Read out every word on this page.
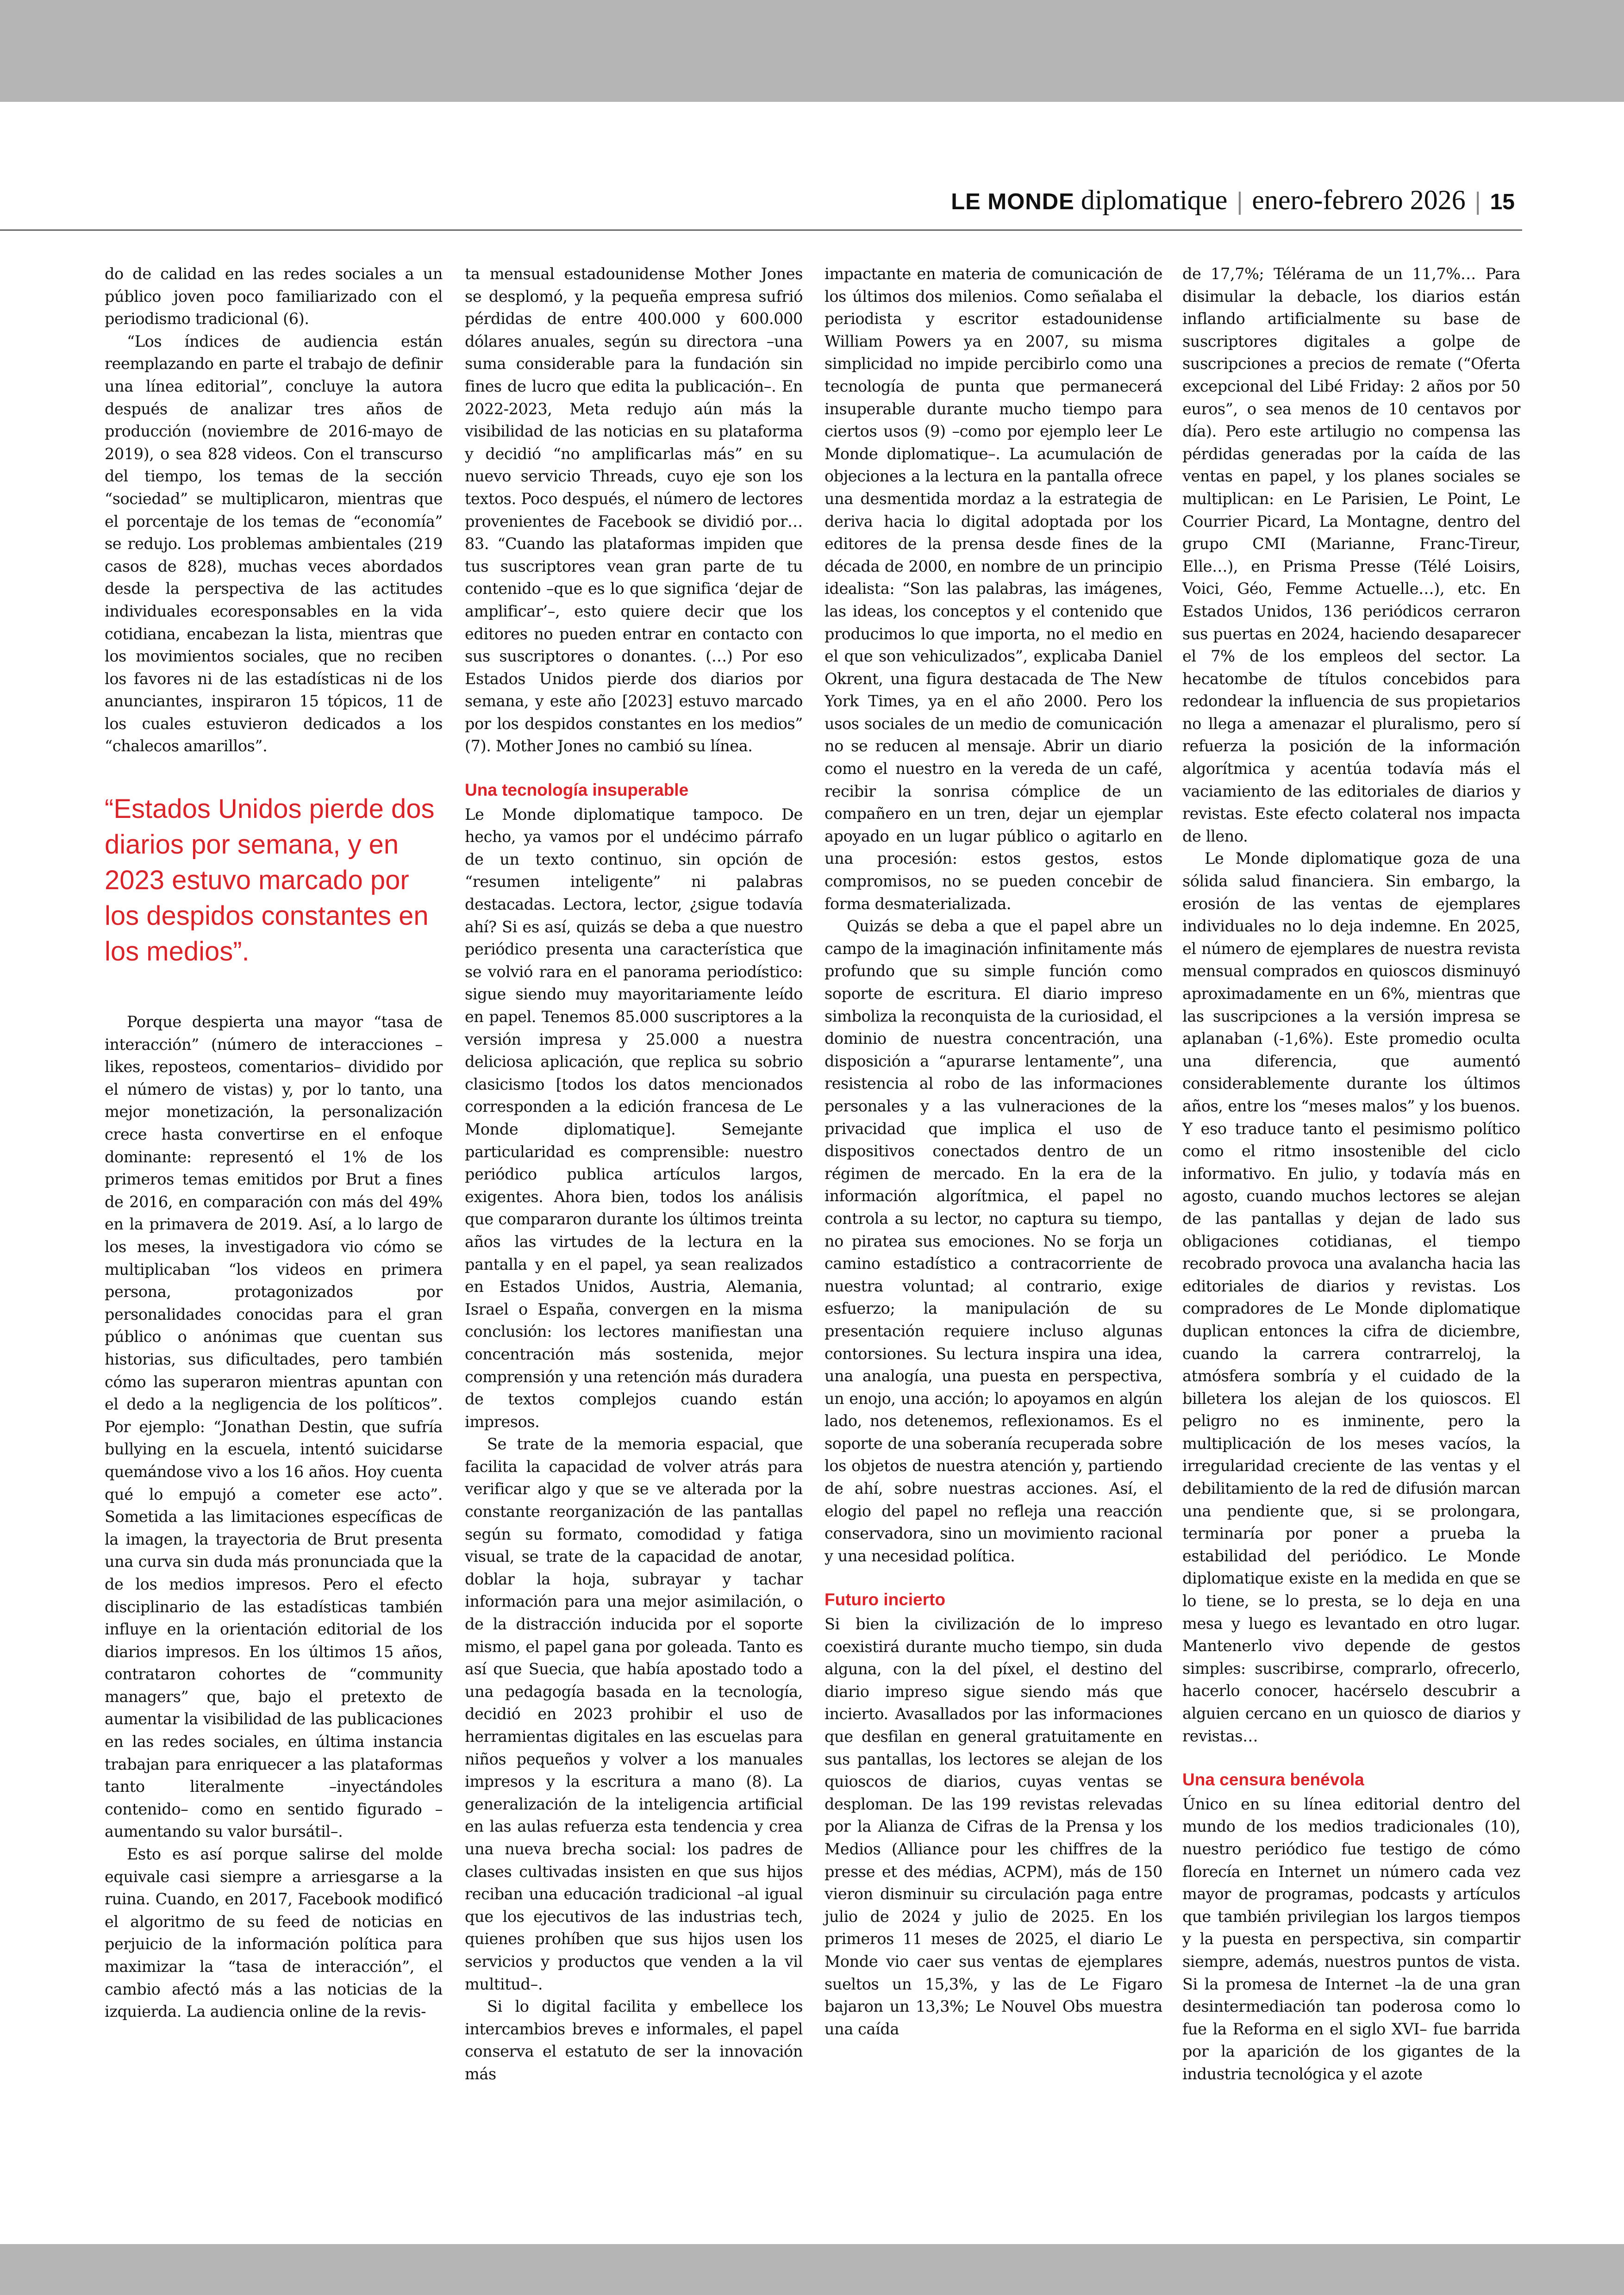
LE MONDE diplomatique | enero-febrero 2026 | 15

do de calidad en las redes sociales a un público joven poco familiarizado con el periodismo tradicional (6).

“Los índices de audiencia están reemplazando en parte el trabajo de definir una línea editorial”, concluye la autora después de analizar tres años de producción (noviembre de 2016-mayo de 2019), o sea 828 videos. Con el transcurso del tiempo, los temas de la sección “sociedad” se multiplicaron, mientras que el porcentaje de los temas de “economía” se redujo. Los problemas ambientales (219 casos de 828), muchas veces abordados desde la perspectiva de las actitudes individuales ecoresponsables en la vida cotidiana, encabezan la lista, mientras que los movimientos sociales, que no reciben los favores ni de las estadísticas ni de los anunciantes, inspiraron 15 tópicos, 11 de los cuales estuvieron dedicados a los “chalecos amarillos”.

“Estados Unidos pierde dos diarios por semana, y en 2023 estuvo marcado por los despidos constantes en los medios”.

Porque despierta una mayor “tasa de interacción” (número de interacciones –likes, reposteos, comentarios– dividido por el número de vistas) y, por lo tanto, una mejor monetización, la personalización crece hasta convertirse en el enfoque dominante: representó el 1% de los primeros temas emitidos por Brut a fines de 2016, en comparación con más del 49% en la primavera de 2019. Así, a lo largo de los meses, la investigadora vio cómo se multiplicaban “los videos en primera persona, protagonizados por personalidades conocidas para el gran público o anónimas que cuentan sus historias, sus dificultades, pero también cómo las superaron mientras apuntan con el dedo a la negligencia de los políticos”. Por ejemplo: “Jonathan Destin, que sufría bullying en la escuela, intentó suicidarse quemándose vivo a los 16 años. Hoy cuenta qué lo empujó a cometer ese acto”. Sometida a las limitaciones específicas de la imagen, la trayectoria de Brut presenta una curva sin duda más pronunciada que la de los medios impresos. Pero el efecto disciplinario de las estadísticas también influye en la orientación editorial de los diarios impresos. En los últimos 15 años, contrataron cohortes de “community managers” que, bajo el pretexto de aumentar la visibilidad de las publicaciones en las redes sociales, en última instancia trabajan para enriquecer a las plataformas tanto literalmente –inyectándoles contenido– como en sentido figurado –aumentando su valor bursátil–.

Esto es así porque salirse del molde equivale casi siempre a arriesgarse a la ruina. Cuando, en 2017, Facebook modificó el algoritmo de su feed de noticias en perjuicio de la información política para maximizar la “tasa de interacción”, el cambio afectó más a las noticias de la izquierda. La audiencia online de la revis-

ta mensual estadounidense Mother Jones se desplomó, y la pequeña empresa sufrió pérdidas de entre 400.000 y 600.000 dólares anuales, según su directora –una suma considerable para la fundación sin fines de lucro que edita la publicación–. En 2022-2023, Meta redujo aún más la visibilidad de las noticias en su plataforma y decidió “no amplificarlas más” en su nuevo servicio Threads, cuyo eje son los textos. Poco después, el número de lectores provenientes de Facebook se dividió por… 83. “Cuando las plataformas impiden que tus suscriptores vean gran parte de tu contenido –que es lo que significa ‘dejar de amplificar’–, esto quiere decir que los editores no pueden entrar en contacto con sus suscriptores o donantes. (…) Por eso Estados Unidos pierde dos diarios por semana, y este año [2023] estuvo marcado por los despidos constantes en los medios” (7). Mother Jones no cambió su línea.

Una tecnología insuperable

Le Monde diplomatique tampoco. De hecho, ya vamos por el undécimo párrafo de un texto continuo, sin opción de “resumen inteligente” ni palabras destacadas. Lectora, lector, ¿sigue todavía ahí? Si es así, quizás se deba a que nuestro periódico presenta una característica que se volvió rara en el panorama periodístico: sigue siendo muy mayoritariamente leído en papel. Tenemos 85.000 suscriptores a la versión impresa y 25.000 a nuestra deliciosa aplicación, que replica su sobrio clasicismo [todos los datos mencionados corresponden a la edición francesa de Le Monde diplomatique]. Semejante particularidad es comprensible: nuestro periódico publica artículos largos, exigentes. Ahora bien, todos los análisis que compararon durante los últimos treinta años las virtudes de la lectura en la pantalla y en el papel, ya sean realizados en Estados Unidos, Austria, Alemania, Israel o España, convergen en la misma conclusión: los lectores manifiestan una concentración más sostenida, mejor comprensión y una retención más duradera de textos complejos cuando están impresos.

Se trate de la memoria espacial, que facilita la capacidad de volver atrás para verificar algo y que se ve alterada por la constante reorganización de las pantallas según su formato, comodidad y fatiga visual, se trate de la capacidad de anotar, doblar la hoja, subrayar y tachar información para una mejor asimilación, o de la distracción inducida por el soporte mismo, el papel gana por goleada. Tanto es así que Suecia, que había apostado todo a una pedagogía basada en la tecnología, decidió en 2023 prohibir el uso de herramientas digitales en las escuelas para niños pequeños y volver a los manuales impresos y la escritura a mano (8). La generalización de la inteligencia artificial en las aulas refuerza esta tendencia y crea una nueva brecha social: los padres de clases cultivadas insisten en que sus hijos reciban una educación tradicional –al igual que los ejecutivos de las industrias tech, quienes prohíben que sus hijos usen los servicios y productos que venden a la vil multitud–.

Si lo digital facilita y embellece los intercambios breves e informales, el papel conserva el estatuto de ser la innovación más

impactante en materia de comunicación de los últimos dos milenios. Como señalaba el periodista y escritor estadounidense William Powers ya en 2007, su misma simplicidad no impide percibirlo como una tecnología de punta que permanecerá insuperable durante mucho tiempo para ciertos usos (9) –como por ejemplo leer Le Monde diplomatique–. La acumulación de objeciones a la lectura en la pantalla ofrece una desmentida mordaz a la estrategia de deriva hacia lo digital adoptada por los editores de la prensa desde fines de la década de 2000, en nombre de un principio idealista: “Son las palabras, las imágenes, las ideas, los conceptos y el contenido que producimos lo que importa, no el medio en el que son vehiculizados”, explicaba Daniel Okrent, una figura destacada de The New York Times, ya en el año 2000. Pero los usos sociales de un medio de comunicación no se reducen al mensaje. Abrir un diario como el nuestro en la vereda de un café, recibir la sonrisa cómplice de un compañero en un tren, dejar un ejemplar apoyado en un lugar público o agitarlo en una procesión: estos gestos, estos compromisos, no se pueden concebir de forma desmaterializada.

Quizás se deba a que el papel abre un campo de la imaginación infinitamente más profundo que su simple función como soporte de escritura. El diario impreso simboliza la reconquista de la curiosidad, el dominio de nuestra concentración, una disposición a “apurarse lentamente”, una resistencia al robo de las informaciones personales y a las vulneraciones de la privacidad que implica el uso de dispositivos conectados dentro de un régimen de mercado. En la era de la información algorítmica, el papel no controla a su lector, no captura su tiempo, no piratea sus emociones. No se forja un camino estadístico a contracorriente de nuestra voluntad; al contrario, exige esfuerzo; la manipulación de su presentación requiere incluso algunas contorsiones. Su lectura inspira una idea, una analogía, una puesta en perspectiva, un enojo, una acción; lo apoyamos en algún lado, nos detenemos, reflexionamos. Es el soporte de una soberanía recuperada sobre los objetos de nuestra atención y, partiendo de ahí, sobre nuestras acciones. Así, el elogio del papel no refleja una reacción conservadora, sino un movimiento racional y una necesidad política.

Futuro incierto

Si bien la civilización de lo impreso coexistirá durante mucho tiempo, sin duda alguna, con la del píxel, el destino del diario impreso sigue siendo más que incierto. Avasallados por las informaciones que desfilan en general gratuitamente en sus pantallas, los lectores se alejan de los quioscos de diarios, cuyas ventas se desploman. De las 199 revistas relevadas por la Alianza de Cifras de la Prensa y los Medios (Alliance pour les chiffres de la presse et des médias, ACPM), más de 150 vieron disminuir su circulación paga entre julio de 2024 y julio de 2025. En los primeros 11 meses de 2025, el diario Le Monde vio caer sus ventas de ejemplares sueltos un 15,3%, y las de Le Figaro bajaron un 13,3%; Le Nouvel Obs muestra una caída

de 17,7%; Télérama de un 11,7%… Para disimular la debacle, los diarios están inflando artificialmente su base de suscriptores digitales a golpe de suscripciones a precios de remate (“Oferta excepcional del Libé Friday: 2 años por 50 euros”, o sea menos de 10 centavos por día). Pero este artilugio no compensa las pérdidas generadas por la caída de las ventas en papel, y los planes sociales se multiplican: en Le Parisien, Le Point, Le Courrier Picard, La Montagne, dentro del grupo CMI (Marianne, Franc-Tireur, Elle…), en Prisma Presse (Télé Loisirs, Voici, Géo, Femme Actuelle…), etc. En Estados Unidos, 136 periódicos cerraron sus puertas en 2024, haciendo desaparecer el 7% de los empleos del sector. La hecatombe de títulos concebidos para redondear la influencia de sus propietarios no llega a amenazar el pluralismo, pero sí refuerza la posición de la información algorítmica y acentúa todavía más el vaciamiento de las editoriales de diarios y revistas. Este efecto colateral nos impacta de lleno.

Le Monde diplomatique goza de una sólida salud financiera. Sin embargo, la erosión de las ventas de ejemplares individuales no lo deja indemne. En 2025, el número de ejemplares de nuestra revista mensual comprados en quioscos disminuyó aproximadamente en un 6%, mientras que las suscripciones a la versión impresa se aplanaban (-1,6%). Este promedio oculta una diferencia, que aumentó considerablemente durante los últimos años, entre los “meses malos” y los buenos. Y eso traduce tanto el pesimismo político como el ritmo insostenible del ciclo informativo. En julio, y todavía más en agosto, cuando muchos lectores se alejan de las pantallas y dejan de lado sus obligaciones cotidianas, el tiempo recobrado provoca una avalancha hacia las editoriales de diarios y revistas. Los compradores de Le Monde diplomatique duplican entonces la cifra de diciembre, cuando la carrera contrarreloj, la atmósfera sombría y el cuidado de la billetera los alejan de los quioscos. El peligro no es inminente, pero la multiplicación de los meses vacíos, la irregularidad creciente de las ventas y el debilitamiento de la red de difusión marcan una pendiente que, si se prolongara, terminaría por poner a prueba la estabilidad del periódico. Le Monde diplomatique existe en la medida en que se lo tiene, se lo presta, se lo deja en una mesa y luego es levantado en otro lugar. Mantenerlo vivo depende de gestos simples: suscribirse, comprarlo, ofrecerlo, hacerlo conocer, hacérselo descubrir a alguien cercano en un quiosco de diarios y revistas…

Una censura benévola

Único en su línea editorial dentro del mundo de los medios tradicionales (10), nuestro periódico fue testigo de cómo florecía en Internet un número cada vez mayor de programas, podcasts y artículos que también privilegian los largos tiempos y la puesta en perspectiva, sin compartir siempre, además, nuestros puntos de vista. Si la promesa de Internet –la de una gran desintermediación tan poderosa como lo fue la Reforma en el siglo XVI– fue barrida por la aparición de los gigantes de la industria tecnológica y el azote
